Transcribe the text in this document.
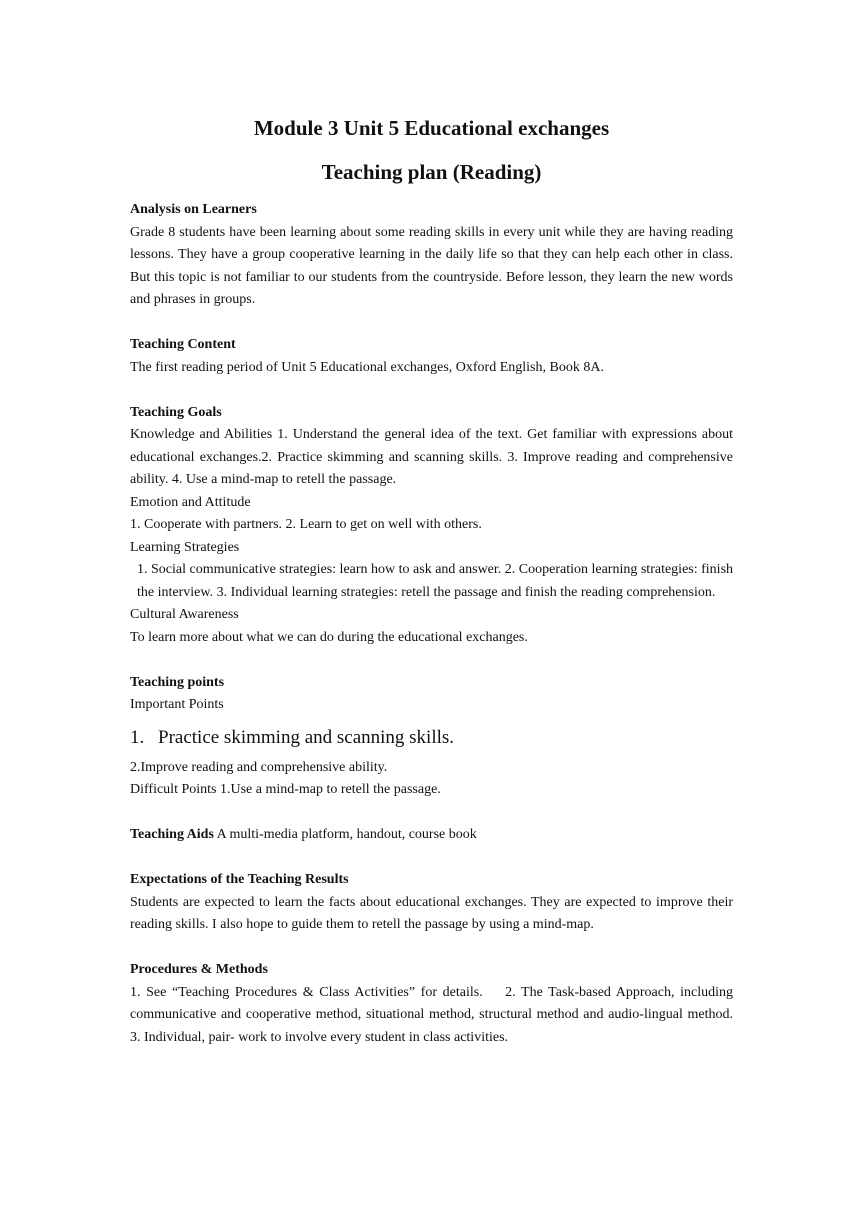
Module 3 Unit 5 Educational exchanges
Teaching plan (Reading)

Analysis on Learners

Grade 8 students have been learning about some reading skills in every unit while they are having reading lessons. They have a group cooperative learning in the daily life so that they can help each other in class. But this topic is not familiar to our students from the countryside. Before lesson, they learn the new words and phrases in groups.

Teaching Content

The first reading period of Unit 5 Educational exchanges, Oxford English, Book 8A.

Teaching Goals

Knowledge and Abilities 1. Understand the general idea of the text. Get familiar with expressions about educational exchanges.2. Practice skimming and scanning skills. 3. Improve reading and comprehensive ability. 4. Use a mind-map to retell the passage.

Emotion and Attitude

1. Cooperate with partners. 2. Learn to get on well with others.

Learning Strategies

1. Social communicative strategies: learn how to ask and answer. 2. Cooperation learning strategies: finish the interview. 3. Individual learning strategies: retell the passage and finish the reading comprehension.

Cultural Awareness

To learn more about what we can do during the educational exchanges.

Teaching points

Important Points

1. Practice skimming and scanning skills.

2.Improve reading and comprehensive ability.

Difficult Points 1.Use a mind-map to retell the passage.

Teaching Aids A multi-media platform, handout, course book

Expectations of the Teaching Results

Students are expected to learn the facts about educational exchanges. They are expected to improve their reading skills. I also hope to guide them to retell the passage by using a mind-map.

Procedures & Methods

1. See “Teaching Procedures & Class Activities” for details.    2. The Task-based Approach, including communicative and cooperative method, situational method, structural method and audio-lingual method. 3. Individual, pair- work to involve every student in class activities.
